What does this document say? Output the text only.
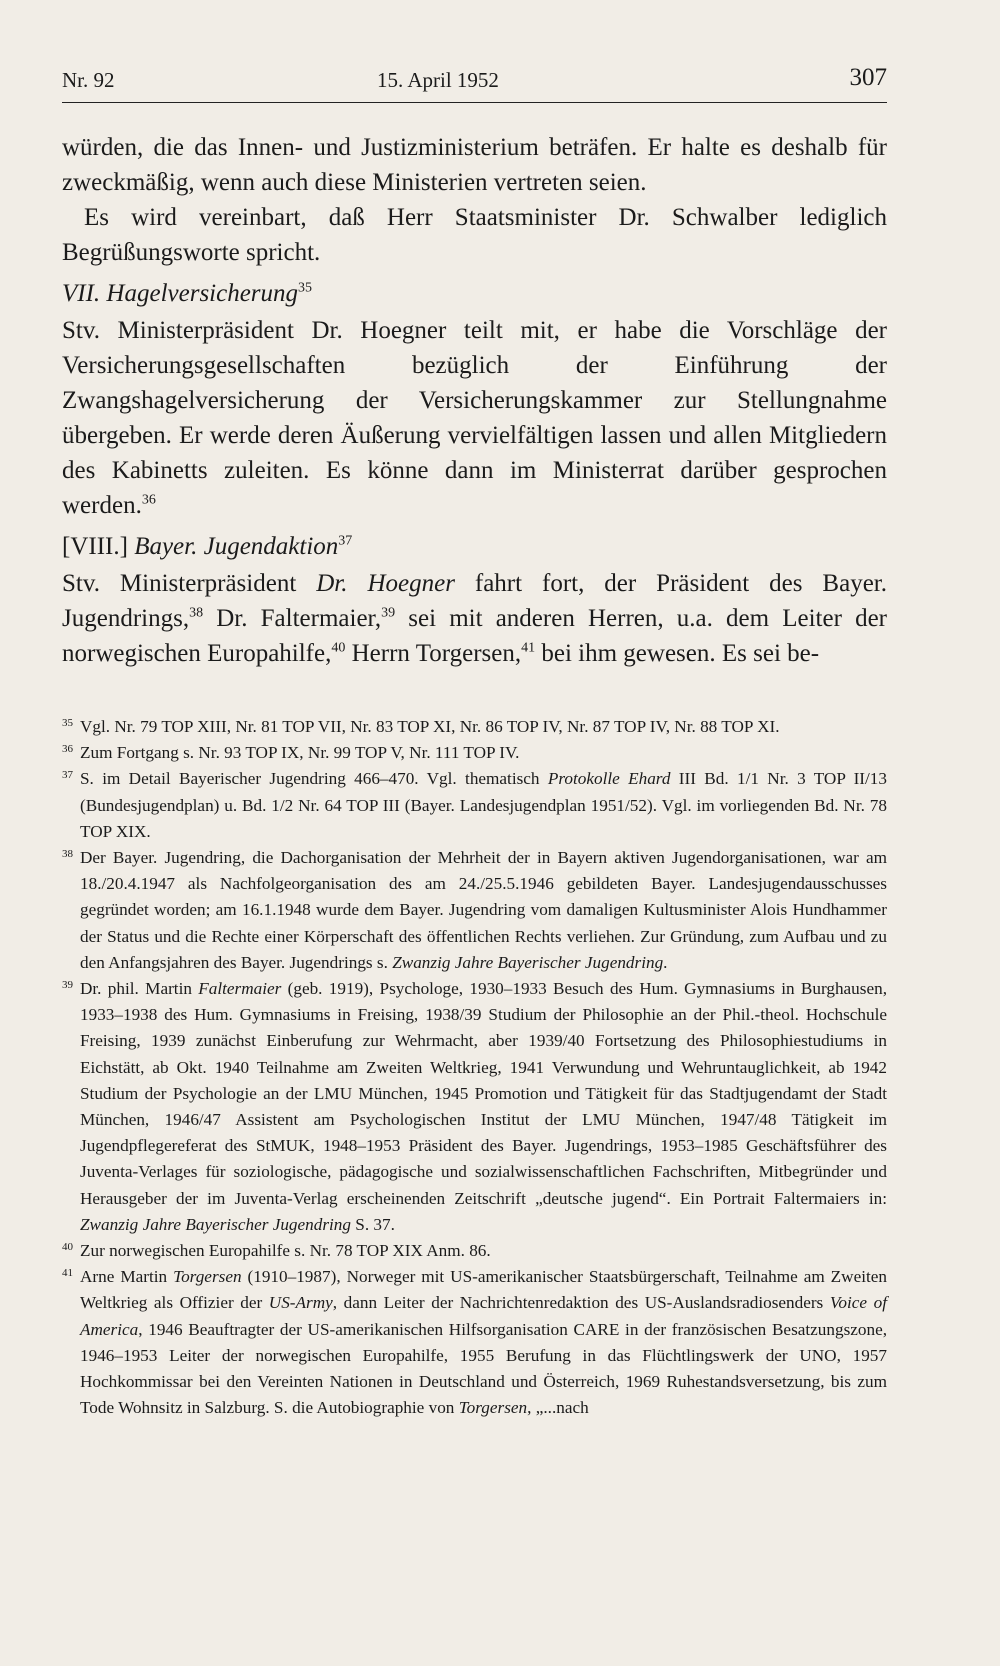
Nr. 92	15. April 1952	307

würden, die das Innen- und Justizministerium beträfen. Er halte es deshalb für zweckmäßig, wenn auch diese Ministerien vertreten seien.

Es wird vereinbart, daß Herr Staatsminister Dr. Schwalber lediglich Begrüßungsworte spricht.

VII. Hagelversicherung$^{35}$

Stv. Ministerpräsident Dr. Hoegner teilt mit, er habe die Vorschläge der Versicherungsgesellschaften bezüglich der Einführung der Zwangshagelversicherung der Versicherungskammer zur Stellungnahme übergeben. Er werde deren Äußerung vervielfältigen lassen und allen Mitgliedern des Kabinetts zuleiten. Es könne dann im Ministerrat darüber gesprochen werden.$^{36}$

[VIII.] Bayer. Jugendaktion$^{37}$

Stv. Ministerpräsident Dr. Hoegner fahrt fort, der Präsident des Bayer. Jugendrings,$^{38}$ Dr. Faltermaier,$^{39}$ sei mit anderen Herren, u.a. dem Leiter der norwegischen Europahilfe,$^{40}$ Herrn Torgersen,$^{41}$ bei ihm gewesen. Es sei be-

35 Vgl. Nr. 79 TOP XIII, Nr. 81 TOP VII, Nr. 83 TOP XI, Nr. 86 TOP IV, Nr. 87 TOP IV, Nr. 88 TOP XI.

36 Zum Fortgang s. Nr. 93 TOP IX, Nr. 99 TOP V, Nr. 111 TOP IV.

37 S. im Detail Bayerischer Jugendring 466–470. Vgl. thematisch Protokolle Ehard III Bd. 1/1 Nr. 3 TOP II/13 (Bundesjugendplan) u. Bd. 1/2 Nr. 64 TOP III (Bayer. Landesjugendplan 1951/52). Vgl. im vorliegenden Bd. Nr. 78 TOP XIX.

38 Der Bayer. Jugendring, die Dachorganisation der Mehrheit der in Bayern aktiven Jugendorganisationen, war am 18./20.4.1947 als Nachfolgeorganisation des am 24./25.5.1946 gebildeten Bayer. Landesjugendausschusses gegründet worden; am 16.1.1948 wurde dem Bayer. Jugendring vom damaligen Kultusminister Alois Hundhammer der Status und die Rechte einer Körperschaft des öffentlichen Rechts verliehen. Zur Gründung, zum Aufbau und zu den Anfangsjahren des Bayer. Jugendrings s. Zwanzig Jahre Bayerischer Jugendring.

39 Dr. phil. Martin Faltermaier (geb. 1919), Psychologe, 1930–1933 Besuch des Hum. Gymnasiums in Burghausen, 1933–1938 des Hum. Gymnasiums in Freising, 1938/39 Studium der Philosophie an der Phil.-theol. Hochschule Freising, 1939 zunächst Einberufung zur Wehrmacht, aber 1939/40 Fortsetzung des Philosophiestudiums in Eichstätt, ab Okt. 1940 Teilnahme am Zweiten Weltkrieg, 1941 Verwundung und Wehruntauglichkeit, ab 1942 Studium der Psychologie an der LMU München, 1945 Promotion und Tätigkeit für das Stadtjugendamt der Stadt München, 1946/47 Assistent am Psychologischen Institut der LMU München, 1947/48 Tätigkeit im Jugendpflegereferat des StMUK, 1948–1953 Präsident des Bayer. Jugendrings, 1953–1985 Geschäftsführer des Juventa-Verlages für soziologische, pädagogische und sozialwissenschaftlichen Fachschriften, Mitbegründer und Herausgeber der im Juventa-Verlag erscheinenden Zeitschrift „deutsche jugend“. Ein Portrait Faltermaiers in: Zwanzig Jahre Bayerischer Jugendring S. 37.

40 Zur norwegischen Europahilfe s. Nr. 78 TOP XIX Anm. 86.

41 Arne Martin Torgersen (1910–1987), Norweger mit US-amerikanischer Staatsbürgerschaft, Teilnahme am Zweiten Weltkrieg als Offizier der US-Army, dann Leiter der Nachrichtenredaktion des US-Auslandsradiosenders Voice of America, 1946 Beauftragter der US-amerikanischen Hilfsorganisation CARE in der französischen Besatzungszone, 1946–1953 Leiter der norwegischen Europahilfe, 1955 Berufung in das Flüchtlingswerk der UNO, 1957 Hochkommissar bei den Vereinten Nationen in Deutschland und Österreich, 1969 Ruhestandsversetzung, bis zum Tode Wohnsitz in Salzburg. S. die Autobiographie von Torgersen, „...nach
